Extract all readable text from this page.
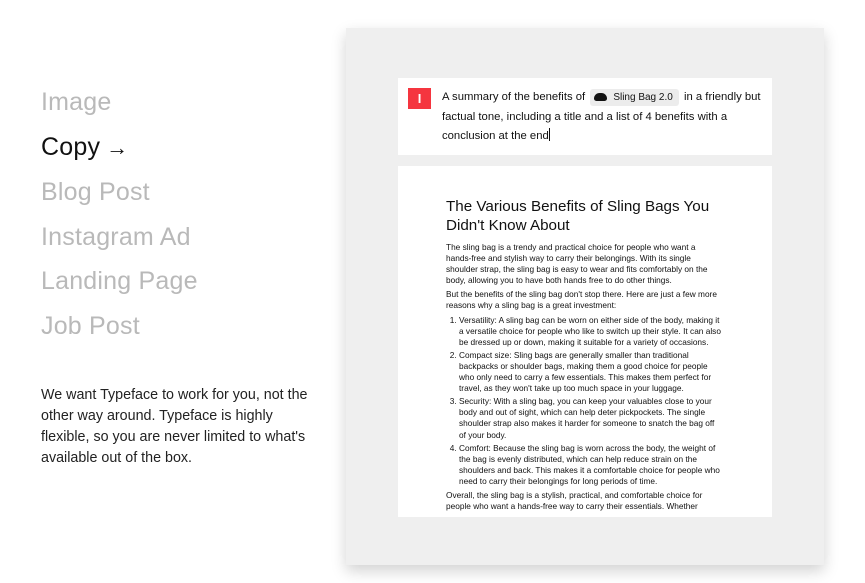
Image
Copy →
Blog Post
Instagram Ad
Landing Page
Job Post

We want Typeface to work for you, not the other way around. Typeface is highly flexible, so you are never limited to what's available out of the box.

I	A summary of the benefits of	Sling Bag 2.0 in a friendly but factual tone, including a title and a list of 4 benefits with a conclusion at the end
The Various Benefits of Sling Bags You Didn't Know About

The sling bag is a trendy and practical choice for people who want a hands-free and stylish way to carry their belongings. With its single shoulder strap, the sling bag is easy to wear and fits comfortably on the body, allowing you to have both hands free to do other things.

But the benefits of the sling bag don't stop there. Here are just a few more reasons why a sling bag is a great investment:

1. Versatility: A sling bag can be worn on either side of the body, making it a versatile choice for people who like to switch up their style. It can also be dressed up or down, making it suitable for a variety of occasions.
2. Compact size: Sling bags are generally smaller than traditional backpacks or shoulder bags, making them a good choice for people who only need to carry a few essentials. This makes them perfect for travel, as they won't take up too much space in your luggage.
3. Security: With a sling bag, you can keep your valuables close to your body and out of sight, which can help deter pickpockets. The single shoulder strap also makes it harder for someone to snatch the bag off of your body.
4. Comfort: Because the sling bag is worn across the body, the weight of the bag is evenly distributed, which can help reduce strain on the shoulders and back. This makes it a comfortable choice for people who need to carry their belongings for long periods of time.

Overall, the sling bag is a stylish, practical, and comfortable choice for people who want a hands-free way to carry their essentials. Whether
